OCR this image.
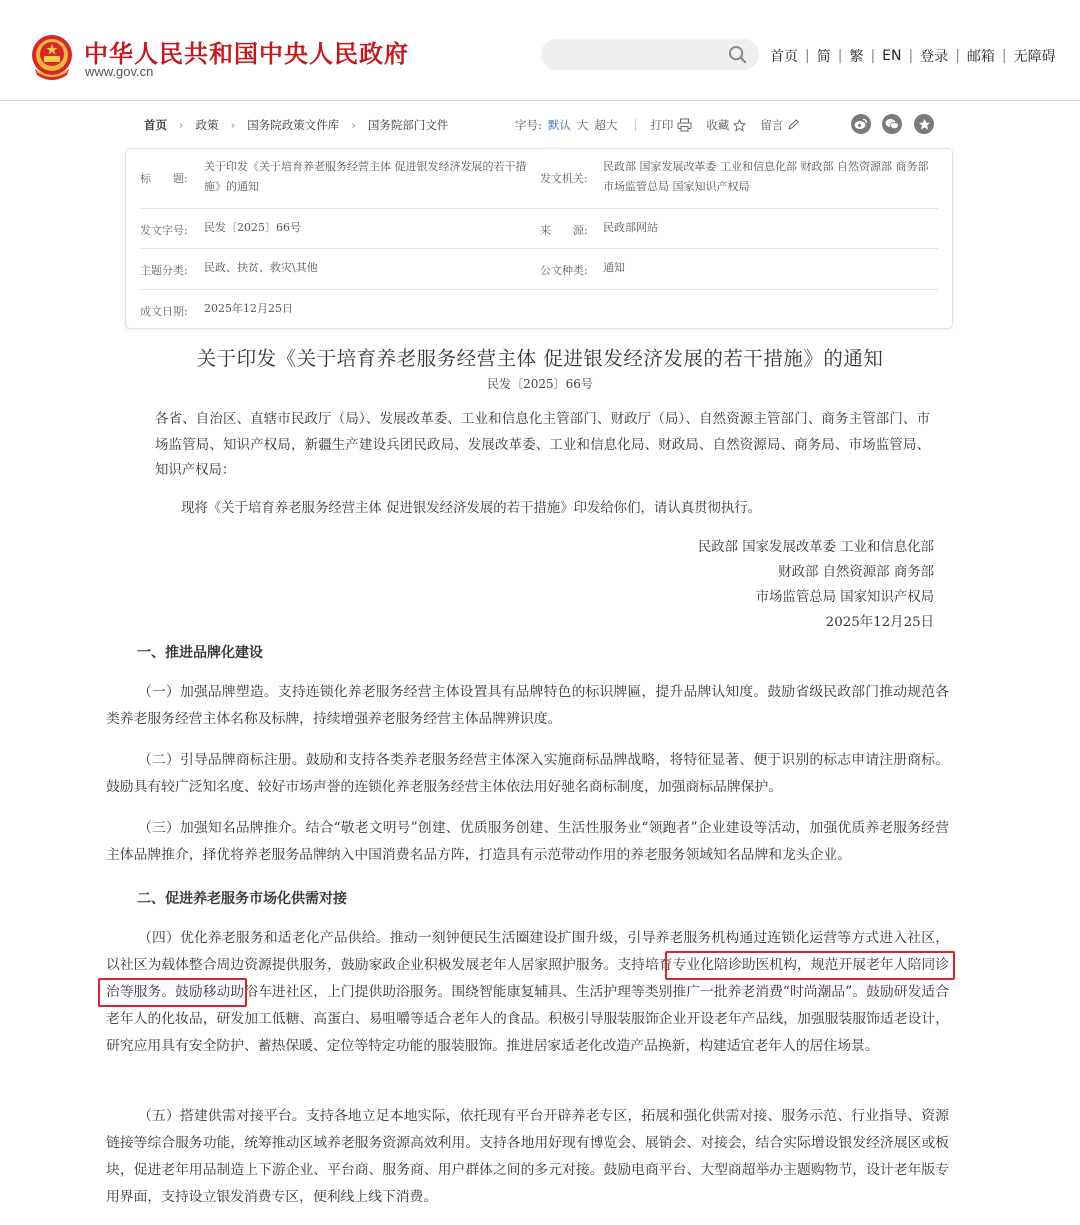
中华人民共和国中央人民政府
www.gov.cn
首页 | 简 | 繁 | EN | 登录 | 邮箱 | 无障碍
首页 › 政策 › 国务院政策文件库 › 国务院部门文件	字号: 默认 大 超大	打印	收藏	留言
标　　题:
关于印发《关于培育养老服务经营主体 促进银发经济发展的若干措施》的通知
发文机关:
民政部 国家发展改革委 工业和信息化部 财政部 自然资源部 商务部 市场监管总局 国家知识产权局
发文字号: 民发〔2025〕66号	来　　源: 民政部网站
主题分类: 民政、扶贫、救灾\其他	公文种类: 通知
成文日期: 2025年12月25日
关于印发《关于培育养老服务经营主体 促进银发经济发展的若干措施》的通知
民发〔2025〕66号
各省、自治区、直辖市民政厅（局）、发展改革委、工业和信息化主管部门、财政厅（局）、自然资源主管部门、商务主管部门、市场监管局、知识产权局，新疆生产建设兵团民政局、发展改革委、工业和信息化局、财政局、自然资源局、商务局、市场监管局、知识产权局：
现将《关于培育养老服务经营主体 促进银发经济发展的若干措施》印发给你们，请认真贯彻执行。
民政部 国家发展改革委 工业和信息化部
财政部 自然资源部 商务部
市场监管总局 国家知识产权局
2025年12月25日
一、推进品牌化建设
（一）加强品牌塑造。支持连锁化养老服务经营主体设置具有品牌特色的标识牌匾，提升品牌认知度。鼓励省级民政部门推动规范各类养老服务经营主体名称及标牌，持续增强养老服务经营主体品牌辨识度。
（二）引导品牌商标注册。鼓励和支持各类养老服务经营主体深入实施商标品牌战略，将特征显著、便于识别的标志申请注册商标。鼓励具有较广泛知名度、较好市场声誉的连锁化养老服务经营主体依法用好驰名商标制度，加强商标品牌保护。
（三）加强知名品牌推介。结合“敬老文明号”创建、优质服务创建、生活性服务业“领跑者”企业建设等活动，加强优质养老服务经营主体品牌推介，择优将养老服务品牌纳入中国消费名品方阵，打造具有示范带动作用的养老服务领域知名品牌和龙头企业。
二、促进养老服务市场化供需对接
（四）优化养老服务和适老化产品供给。推动一刻钟便民生活圈建设扩围升级，引导养老服务机构通过连锁化运营等方式进入社区，以社区为载体整合周边资源提供服务，鼓励家政企业积极发展老年人居家照护服务。支持培育专业化陪诊助医机构，规范开展老年人陪同诊治等服务。鼓励移动助浴车进社区，上门提供助浴服务。围绕智能康复辅具、生活护理等类别推广一批养老消费“时尚潮品”。鼓励研发适合老年人的化妆品，研发加工低糖、高蛋白、易咀嚼等适合老年人的食品。积极引导服装服饰企业开设老年产品线，加强服装服饰适老设计，研究应用具有安全防护、蓄热保暖、定位等特定功能的服装服饰。推进居家适老化改造产品换新，构建适宜老年人的居住场景。
（五）搭建供需对接平台。支持各地立足本地实际，依托现有平台开辟养老专区，拓展和强化供需对接、服务示范、行业指导、资源链接等综合服务功能，统筹推动区域养老服务资源高效利用。支持各地用好现有博览会、展销会、对接会，结合实际增设银发经济展区或板块，促进老年用品制造上下游企业、平台商、服务商、用户群体之间的多元对接。鼓励电商平台、大型商超举办主题购物节，设计老年版专用界面，支持设立银发消费专区，便利线上线下消费。
